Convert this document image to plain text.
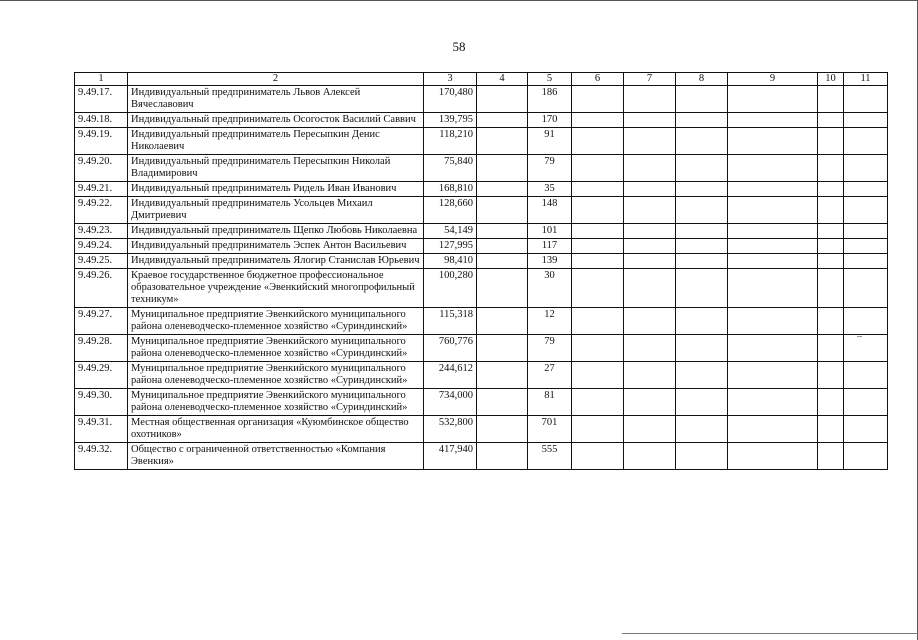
58
1	2	3	4	5	6	7	8	9	10	11
9.49.17.	Индивидуальный предприниматель Львов Алексей Вячеславович	170,480		186						
9.49.18.	Индивидуальный предприниматель Осогосток Василий Саввич	139,795		170						
9.49.19.	Индивидуальный предприниматель Пересыпкин Денис Николаевич	118,210		91						
9.49.20.	Индивидуальный предприниматель Пересыпкин Николай Владимирович	75,840		79						
9.49.21.	Индивидуальный предприниматель Ридель Иван Иванович	168,810		35						
9.49.22.	Индивидуальный предприниматель Усольцев Михаил Дмитриевич	128,660		148						
9.49.23.	Индивидуальный предприниматель Щепко Любовь Николаевна	54,149		101						
9.49.24.	Индивидуальный предприниматель Эспек Антон Васильевич	127,995		117						
9.49.25.	Индивидуальный предприниматель Ялогир Станислав Юрьевич	98,410		139						
9.49.26.	Краевое государственное бюджетное профессиональное образовательное учреждение «Эвенкийский многопрофильный техникум»	100,280		30						
9.49.27.	Муниципальное предприятие Эвенкийского муниципального района оленеводческо-племенное хозяйство «Суриндинский»	115,318		12						
9.49.28.	Муниципальное предприятие Эвенкийского муниципального района оленеводческо-племенное хозяйство «Суриндинский»	760,776		79						
9.49.29.	Муниципальное предприятие Эвенкийского муниципального района оленеводческо-племенное хозяйство «Суриндинский»	244,612		27						
9.49.30.	Муниципальное предприятие Эвенкийского муниципального района оленеводческо-племенное хозяйство «Суриндинский»	734,000		81						
9.49.31.	Местная общественная организация «Куюмбинское общество охотников»	532,800		701						
9.49.32.	Общество с ограниченной ответственностью «Компания Эвенкия»	417,940		555						
